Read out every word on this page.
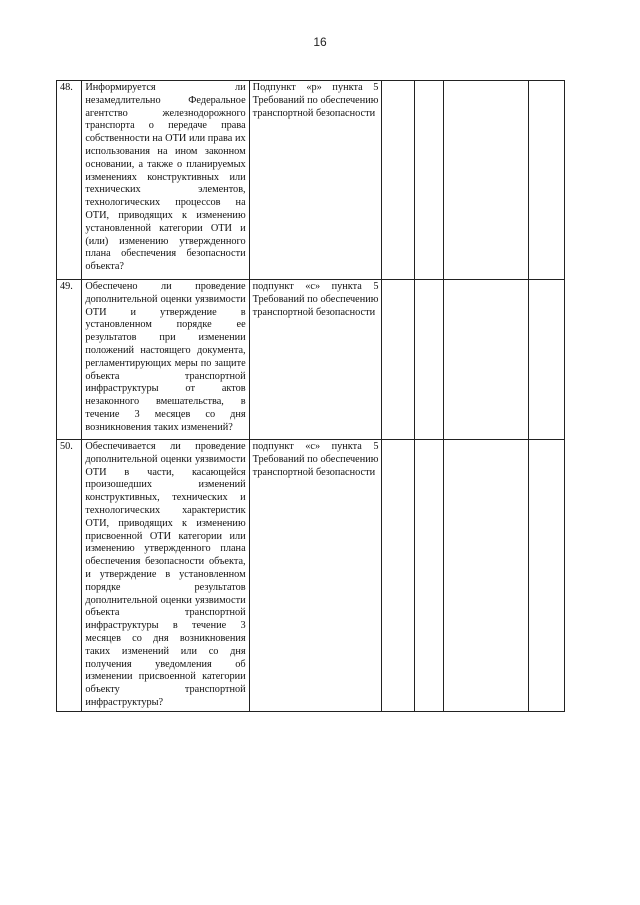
16
48.	Информируется ли незамедлительно Федеральное агентство железнодорожного транспорта о передаче права собственности на ОТИ или права их использования на ином законном основании, а также о планируемых изменениях конструктивных или технических элементов, технологических процессов на ОТИ, приводящих к изменению установленной категории ОТИ и (или) изменению утвержденного плана обеспечения безопасности объекта?	Подпункт «р» пункта 5 Требований по обеспечению транспортной безопасности				
49.	Обеспечено ли проведение дополнительной оценки уязвимости ОТИ и утверждение в установленном порядке ее результатов при изменении положений настоящего документа, регламентирующих меры по защите объекта транспортной инфраструктуры от актов незаконного вмешательства, в течение 3 месяцев со дня возникновения таких изменений?	подпункт «с» пункта 5 Требований по обеспечению транспортной безопасности				
50.	Обеспечивается ли проведение дополнительной оценки уязвимости ОТИ в части, касающейся произошедших изменений конструктивных, технических и технологических характеристик ОТИ, приводящих к изменению присвоенной ОТИ категории или изменению утвержденного плана обеспечения безопасности объекта, и утверждение в установленном порядке результатов дополнительной оценки уязвимости объекта транспортной инфраструктуры в течение 3 месяцев со дня возникновения таких изменений или со дня получения уведомления об изменении присвоенной категории объекту транспортной инфраструктуры?	подпункт «с» пункта 5 Требований по обеспечению транспортной безопасности				
